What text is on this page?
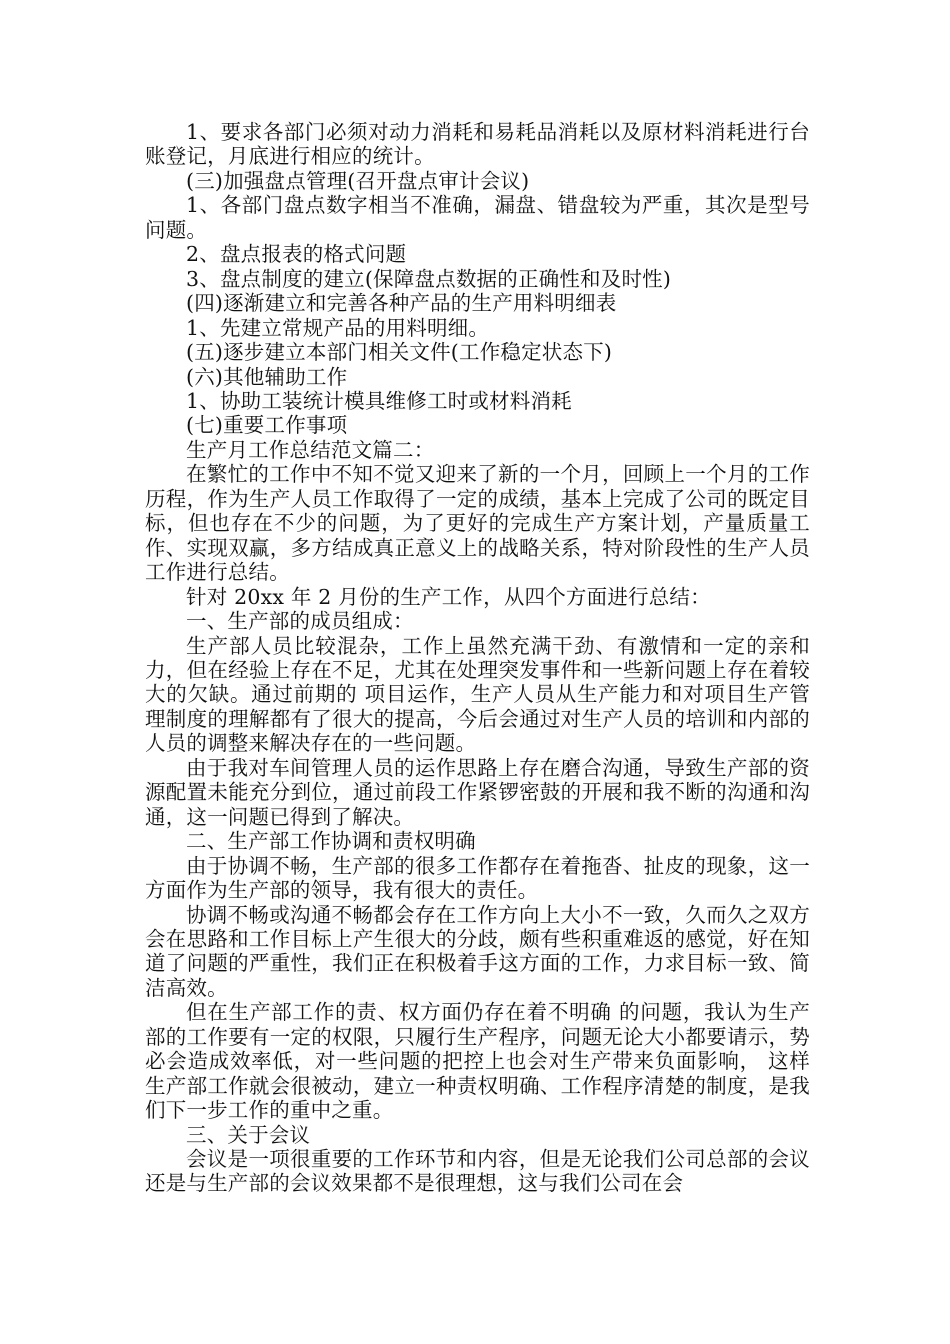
1、要求各部门必须对动力消耗和易耗品消耗以及原材料消耗进行台账登记，月底进行相应的统计。

(三)加强盘点管理(召开盘点审计会议)

1、各部门盘点数字相当不准确，漏盘、错盘较为严重，其次是型号问题。

2、盘点报表的格式问题

3、盘点制度的建立(保障盘点数据的正确性和及时性)

(四)逐渐建立和完善各种产品的生产用料明细表

1、先建立常规产品的用料明细。

(五)逐步建立本部门相关文件(工作稳定状态下)

(六)其他辅助工作

1、协助工装统计模具维修工时或材料消耗

(七)重要工作事项

生产月工作总结范文篇二：

在繁忙的工作中不知不觉又迎来了新的一个月，回顾上一个月的工作历程，作为生产人员工作取得了一定的成绩，基本上完成了公司的既定目标，但也存在不少的问题，为了更好的完成生产方案计划，产量质量工作、实现双赢，多方结成真正意义上的战略关系，特对阶段性的生产人员工作进行总结。

针对 20xx 年 2 月份的生产工作，从四个方面进行总结：

一、生产部的成员组成：

生产部人员比较混杂，工作上虽然充满干劲、有激情和一定的亲和力，但在经验上存在不足，尤其在处理突发事件和一些新问题上存在着较大的欠缺。通过前期的 项目运作，生产人员从生产能力和对项目生产管理制度的理解都有了很大的提高，今后会通过对生产人员的培训和内部的人员的调整来解决存在的一些问题。

由于我对车间管理人员的运作思路上存在磨合沟通，导致生产部的资源配置未能充分到位，通过前段工作紧锣密鼓的开展和我不断的沟通和沟通，这一问题已得到了解决。

二、生产部工作协调和责权明确

由于协调不畅，生产部的很多工作都存在着拖沓、扯皮的现象，这一方面作为生产部的领导，我有很大的责任。

协调不畅或沟通不畅都会存在工作方向上大小不一致，久而久之双方会在思路和工作目标上产生很大的分歧，颇有些积重难返的感觉，好在知道了问题的严重性，我们正在积极着手这方面的工作，力求目标一致、简洁高效。

但在生产部工作的责、权方面仍存在着不明确 的问题，我认为生产部的工作要有一定的权限，只履行生产程序，问题无论大小都要请示，势必会造成效率低，对一些问题的把控上也会对生产带来负面影响， 这样生产部工作就会很被动，建立一种责权明确、工作程序清楚的制度，是我们下一步工作的重中之重。

三、关于会议

会议是一项很重要的工作环节和内容，但是无论我们公司总部的会议还是与生产部的会议效果都不是很理想，这与我们公司在会
